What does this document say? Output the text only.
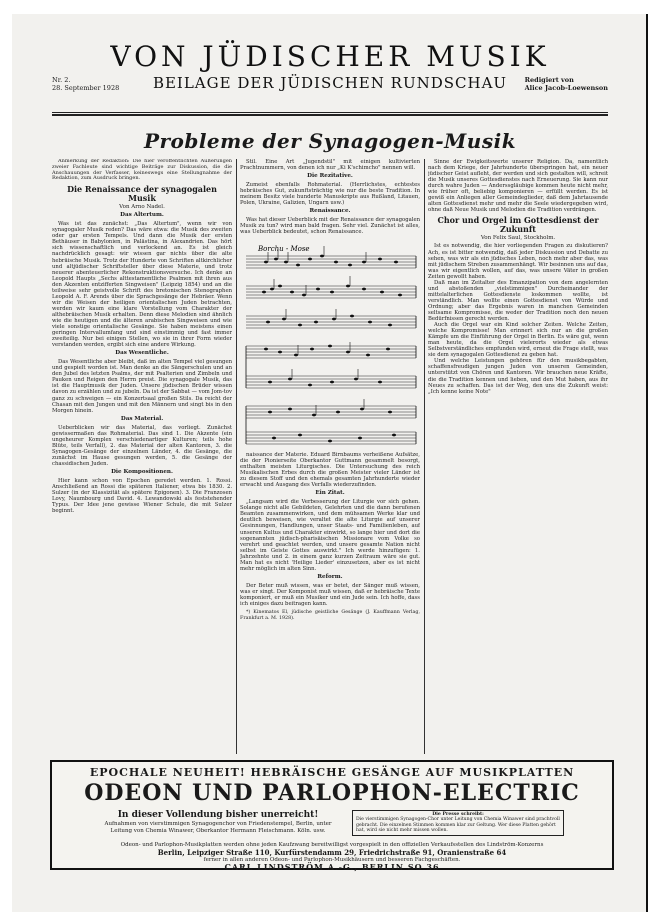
VON JÜDISCHER MUSIK
Nr. 2.
28. September 1928	BEILAGE DER JÜDISCHEN RUNDSCHAU	Redigiert von
Alice Jacob-Loewenson
Probleme der Synagogen-Musik

Anmerkung der Redaktion: Die hier veröffentlichten Äußerungen zweier Fachleute sind wichtige Beiträge zur Diskussion, die die Anschauungen der Verfasser, keineswegs eine Stellungnahme der Redaktion, zum Ausdruck bringen.

Die Renaissance der synagogalen Musik
Von Arno Nadel.
Das Altertum.

Was ist das zunächst: „Das Altertum", wenn wir von synagogaler Musik reden? Das wäre etwa: die Musik des zweiten oder gar ersten Tempels. Und dann die Musik der ersten Bethäuser in Babylonien, in Palästina, in Alexandrien. Das hört sich wissenschaftlich und verlockend an. Es ist gleich nachdrücklich gesagt: wir wissen gar nichts über die alte hebräische Musik. Trotz der Hunderte von Schriften altkirchlicher und altjüdischer Schriftsteller über diese Materie, und trotz neuerer abenteuerlicher Rekonstruktionsversuche. Ich denke an Leopold Haupts „Sechs alttestamentliche Psalmen mit ihren aus den Akzenten entzifferten Singweisen" (Leipzig 1854) und an die teilweise sehr geistvolle Schrift des bretonischen Stenographen Leopold A. F. Arends über die Sprachgesänge der Hebräer. Wenn wir die Weisen der heiligen orientalischen Juden betrachten, werden wir kaum eine klare Vorstellung vom Charakter der althebräischen Musik erhalten. Denn diese Melodien sind ähnlich wie die heutigen und die älteren arabischen Singweisen und wie viele sonstige orientalische Gesänge. Sie haben meistens einen geringen Intervallumfang und sind einstimmig und fast immer zweiteilig. Nur bei einigen Stellen, wo sie in ihrer Form wieder verstanden werden, ergibt sich eine andere Wirkung.

Das Wesentliche.

Das Wesentliche aber bleibt, daß im alten Tempel viel gesungen und gespielt worden ist. Man denke an die Sängerschulen und an den Jubel des letzten Psalms, der mit Psalterien und Zimbeln und Pauken und Reigen den Herrn preist. Die synagogale Musik, das ist die Hauptmusik der Juden. Unsere jüdischen Brüder wissen davon zu erzählen und zu jubeln. Da ist der Sabbat — vom Jom-tov ganz zu schweigen — ein Konzertsaal großen Stils. Da reicht der Chasan mit den Jungen und mit den Männern und singt bis in den Morgen hinein.

Das Material.

Ueberblicken wir das Material, das vorliegt. Zunächst gewissermaßen das Rohmaterial. Das sind 1. Die Akzente (ein ungeheurer Komplex verschiedenartiger Kulturen; teils hohe Blüte, teils Verfall), 2. das Material der alten Kantoren, 3. die Synagogen-Gesänge der einzelnen Länder, 4. die Gesänge, die zunächst im Hause gesungen werden, 5. die Gesänge der chassidischen Juden.

Die Kompositionen.

Hier kann schon von Epochen geredet werden. 1. Rossi. Anschließend an Rossi die späteren Italiener, etwa bis 1830. 2. Sulzer (in der Klassizität als spätere Epigonen). 3. Die Franzosen Lovy, Naumbourg und David. 4. Lewandowski als feststehender Typus. Der Idee jene gewisse Wiener Schule, die mit Sulzer beginnt.

Stil. Eine Art „Jugendstil" mit einigen kultivierten Prachtnummern, von denen ich nur „Ki K'schimcho" nennen will.

Die Rezitative.

Zumeist ebenfalls Rohmaterial. (Herrlichstes, echtestes hebräisches Gut, zukunftsträchtig wie nur die beste Tradition. In meinem Besitz viele hunderte Manuskripte aus Rußland, Litauen, Polen, Ukraine, Galizien, Ungarn usw.)

Renaissance.

Was hat dieser Ueberblick mit der Renaissance der synagogalen Musik zu tun? wird man bald fragen. Sehr viel. Zunächst ist alles, was Ueberblick bedeutet, schon Renaissance.

Borchu - Mose

naissance der Materie. Eduard Birnbaums verheißene Aufsätze, die der Pionierseite Oberkantor Guttmann gesammelt besorgt, enthalten meisten Liturgisches. Die Untersuchung des reich Musikalischen Erbes durch die großen Meister vieler Länder ist zu diesem Stoff und den ehemals gesamten Jahrhunderte wieder erwacht und Ausgang des Verfalls wiederzufinden.

Ein Zitat.

„Langsam wird die Verbesserung der Liturgie vor sich gehen. Solange nicht alle Gebildeten, Gelehrten und die dann berufenen Beamten zusammenwirken, und dem mühsamen Werke klar und deutlich beweisen, wie veraltet die alte Liturgie auf unserer Gesinnungen, Handlungen, unser Staats- und Familienleben, auf unseren Kultus und Charakter einwirkt, so lange hier und dort die sogenannten jüdisch-pharisäischen Missionare vom Volke so verehrt und geachtet werden, und unsere gesamte Nation nicht selbst im Geiste Gottes auswirkt." Ich werde hinzufügen: 1. Jahrzehnte und 2. in einem ganz kurzen Zeitraum wäre sie gut. Man hat es nicht 'Heilige Lieder' einzusetzen, aber es ist nicht mehr möglich im alten Sinn.

Reform.

Der Beter muß wissen, was er betet, der Sänger muß wissen, was er singt. Der Komponist muß wissen, daß er hebräische Texte komponiert, er muß ein Musiker und ein Jude sein. Ich hoffe, dass ich einiges dazu beitragen kann.

*) Kinematos El, jüdische geistliche Gesänge (J. Kauffmann Verlag, Frankfurt a. M. 1928).

Sinne der Ewigkeitswerte unserer Religion. Da, namentlich nach dem Kriege, der Jahrhunderte überspringen hat, ein neuer jüdischer Geist aufleht, der werden und sich gestalten will, schreit die Musik unseres Gottesdienstes nach Erneuerung. Sie kann nur durch wahre Juden — Anderssgläubige kommen heute nicht mehr, wie früher oft, beliebig komponieren — erfüllt werden. Es ist gewiß ein Anliegen aller Gemeindeglieder, daß dem Jahrtausende alten Gottesdienst mehr und mehr die Seele wiedergegeben wird, ohne daß Neue Musik und Melodien die Tradition verdrängen.

Chor und Orgel im Gottesdienst der Zukunft
Von Felix Saul, Stockholm.

Ist es notwendig, die hier vorliegenden Fragen zu diskutieren? Ach, es ist bitter notwendig, daß jeder Diskussion und Debatte zu sehen, was wir als ein jüdisches Leben, noch mehr aber das, was mit jüdischem Streben zusammenhängt. Wir besinnen uns auf das, was wir eigentlich wollen, auf das, was unsere Väter in großen Zeiten gewollt haben.

Daß man im Zeitalter des Emanzipation von dem angelernten und abstoßenden „vielstimmigen" Durcheinander der mittelalterlichen Gottesdienste loskommen wollte, ist verständlich. Man wollte einen Gottesdienst von Würde und Ordnung; aber das Ergebnis waren in manchen Gemeinden seltsame Kompromisse, die weder der Tradition noch den neuen Bedürfnissen gerecht werden.

Auch die Orgel war ein Kind solcher Zeiten. Welche Zeiten, welche Kompromisse! Man erinnert sich nur an die großen Kämpfe um die Einführung der Orgel in Berlin. Es wäre gut, wenn man heute, da die Orgel vielerorts wieder als etwas Selbstverständliches empfunden wird, erneut die Frage stellt, was sie dem synagogalen Gottesdienst zu geben hat.

Und welche Leistungen gehören für den musikbegabten, schaffensfreudigen jungen Juden von unseren Gemeinden, unterstützt von Chören und Kantoren. Wir brauchen neue Kräfte, die die Tradition kennen und lieben, und den Mut haben, aus ihr Neues zu schaffen. Das ist der Weg, den uns die Zukunft weist: „Ich kenne keine Note"

EPOCHALE NEUHEIT! HEBRÄISCHE GESÄNGE AUF MUSIKPLATTEN
ODEON UND PARLOPHON-ELECTRIC
In dieser Vollendung bisher unerreicht!
Aufnahmen von vierstimmigen Synagogenchor von Friedenstempel, Berlin, unter Leitung von Chemia Winawer, Oberkantor Hermann Fleischmann. Köln. usw.
Die Presse schreibt:
Die vierstimmigen Synagogen-Chor unter Leitung von Chemia Winawer sind prachtvoll gebracht. Die einzelnen Stimmen kommen klar zur Geltung. Wer diese Platten gehört hat, wird sie nicht mehr missen wollen.
Odeon- und Parlophon-Musikplatten werden ohne jeden Kaufzwang bereitwilligst vorgespielt in den offiziellen Verkaufsstellen des Lindström-Konzerns
Berlin, Leipziger Straße 110, Kurfürstendamm 29, Friedrichstraße 91, Oranienstraße 64
ferner in allen anderen Odeon- und Parlophon-Musikhäusern und besseren Fachgeschäften.
CARL LINDSTRÖM A.-G., BERLIN SO 36
